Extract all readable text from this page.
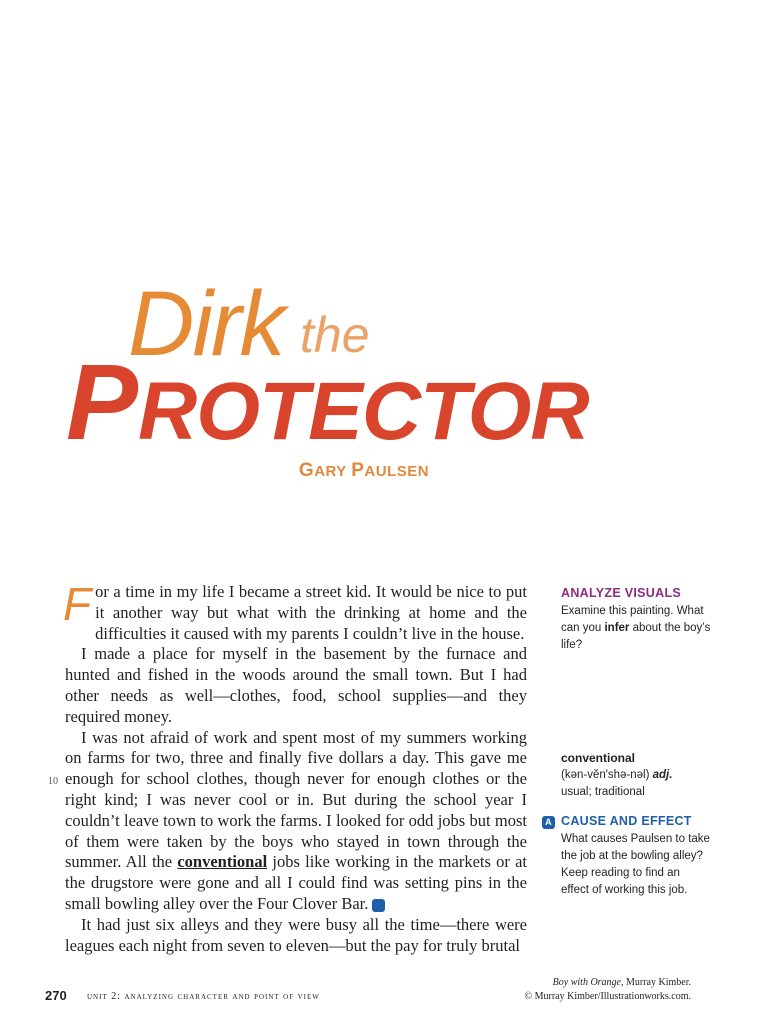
Dirk the
PROTECTOR
GARY PAULSEN
10

For a time in my life I became a street kid. It would be nice to put it another way but what with the drinking at home and the difficulties it caused with my parents I couldn’t live in the house.

I made a place for myself in the basement by the furnace and hunted and fished in the woods around the small town. But I had other needs as well—clothes, food, school supplies—and they required money.

I was not afraid of work and spent most of my summers working on farms for two, three and finally five dollars a day. This gave me enough for school clothes, though never for enough clothes or the right kind; I was never cool or in. But during the school year I couldn’t leave town to work the farms. I looked for odd jobs but most of them were taken by the boys who stayed in town through the summer. All the conventional jobs like working in the markets or at the drugstore were gone and all I could find was setting pins in the small bowling alley over the Four Clover Bar. A

It had just six alleys and they were busy all the time—there were leagues each night from seven to eleven—but the pay for truly brutal

ANALYZE VISUALS

Examine this painting. What can you infer about the boy’s life?

conventional

(kən-vĕn′shə-nəl) adj.

usual; traditional

A CAUSE AND EFFECT

What causes Paulsen to take the job at the bowling alley? Keep reading to find an effect of working this job.

Boy with Orange, Murray Kimber.
© Murray Kimber/Illustrationworks.com.
270 unit 2: analyzing character and point of view
